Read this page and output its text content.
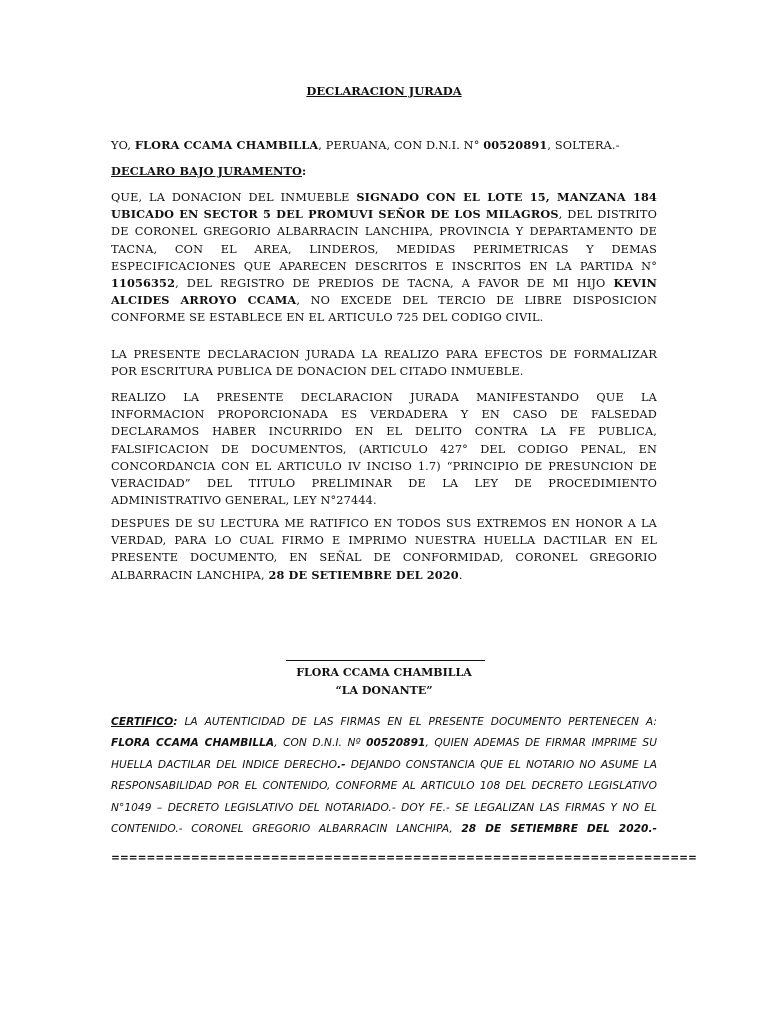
DECLARACION JURADA

YO, FLORA CCAMA CHAMBILLA, PERUANA, CON D.N.I. N° 00520891, SOLTERA.-

DECLARO BAJO JURAMENTO:

QUE, LA DONACION DEL INMUEBLE SIGNADO CON EL LOTE 15, MANZANA 184 UBICADO EN SECTOR 5 DEL PROMUVI SEÑOR DE LOS MILAGROS, DEL DISTRITO DE CORONEL GREGORIO ALBARRACIN LANCHIPA, PROVINCIA Y DEPARTAMENTO DE TACNA, CON EL AREA, LINDEROS, MEDIDAS PERIMETRICAS Y DEMAS ESPECIFICACIONES QUE APARECEN DESCRITOS E INSCRITOS EN LA PARTIDA N° 11056352, DEL REGISTRO DE PREDIOS DE TACNA, A FAVOR DE MI HIJO KEVIN ALCIDES ARROYO CCAMA, NO EXCEDE DEL TERCIO DE LIBRE DISPOSICION CONFORME SE ESTABLECE EN EL ARTICULO 725 DEL CODIGO CIVIL.

LA PRESENTE DECLARACION JURADA LA REALIZO PARA EFECTOS DE FORMALIZAR POR ESCRITURA PUBLICA DE DONACION DEL CITADO INMUEBLE.

REALIZO LA PRESENTE DECLARACION JURADA MANIFESTANDO QUE LA INFORMACION PROPORCIONADA ES VERDADERA Y EN CASO DE FALSEDAD DECLARAMOS HABER INCURRIDO EN EL DELITO CONTRA LA FE PUBLICA, FALSIFICACION DE DOCUMENTOS, (ARTICULO 427° DEL CODIGO PENAL, EN CONCORDANCIA CON EL ARTICULO IV INCISO 1.7) “PRINCIPIO DE PRESUNCION DE VERACIDAD” DEL TITULO PRELIMINAR DE LA LEY DE PROCEDIMIENTO ADMINISTRATIVO GENERAL, LEY N°27444.

DESPUES DE SU LECTURA ME RATIFICO EN TODOS SUS EXTREMOS EN HONOR A LA VERDAD, PARA LO CUAL FIRMO E IMPRIMO NUESTRA HUELLA DACTILAR EN EL PRESENTE DOCUMENTO, EN SEÑAL DE CONFORMIDAD, CORONEL GREGORIO ALBARRACIN LANCHIPA, 28 DE SETIEMBRE DEL 2020.

FLORA CCAMA CHAMBILLA

“LA DONANTE”

CERTIFICO: LA AUTENTICIDAD DE LAS FIRMAS EN EL PRESENTE DOCUMENTO PERTENECEN A: FLORA CCAMA CHAMBILLA, CON D.N.I. Nº 00520891, QUIEN ADEMAS DE FIRMAR IMPRIME SU HUELLA DACTILAR DEL INDICE DERECHO.- DEJANDO CONSTANCIA QUE EL NOTARIO NO ASUME LA RESPONSABILIDAD POR EL CONTENIDO, CONFORME AL ARTICULO 108 DEL DECRETO LEGISLATIVO N°1049 – DECRETO LEGISLATIVO DEL NOTARIADO.- DOY FE.- SE LEGALIZAN LAS FIRMAS Y NO EL CONTENIDO.- CORONEL GREGORIO ALBARRACIN LANCHIPA, 28 DE SETIEMBRE DEL 2020.-

==================================================================
